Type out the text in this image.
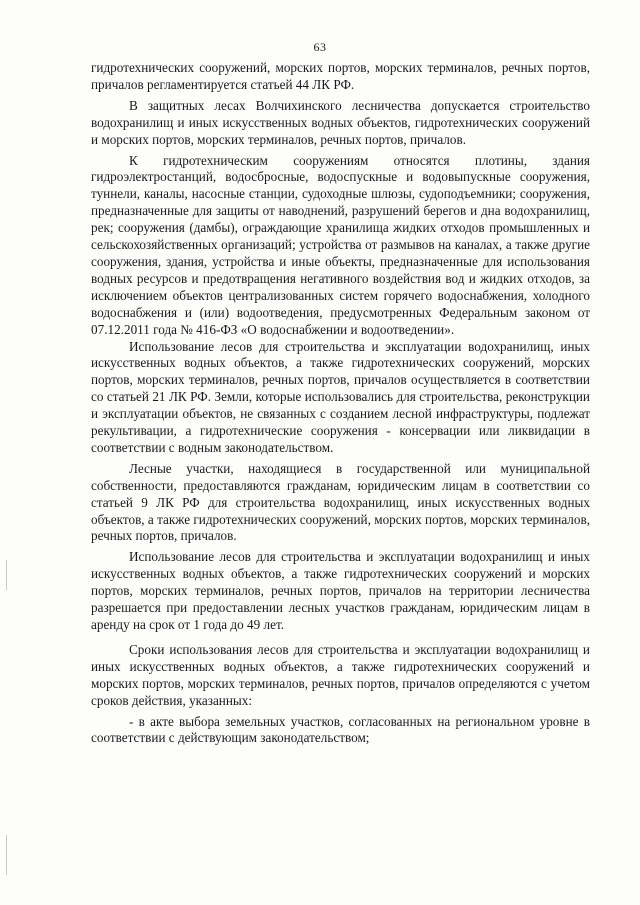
63

гидротехнических сооружений, морских портов, морских терминалов, речных портов, причалов регламентируется статьей 44 ЛК РФ.

В защитных лесах Волчихинского лесничества допускается строительство водохранилищ и иных искусственных водных объектов, гидротехнических сооружений и морских портов, морских терминалов, речных портов, причалов.

К гидротехническим сооружениям относятся плотины, здания гидроэлектростанций, водосбросные, водоспускные и водовыпускные сооружения, туннели, каналы, насосные станции, судоходные шлюзы, судоподъемники; сооружения, предназначенные для защиты от наводнений, разрушений берегов и дна водохранилищ, рек; сооружения (дамбы), ограждающие хранилища жидких отходов промышленных и сельскохозяйственных организаций; устройства от размывов на каналах, а также другие сооружения, здания, устройства и иные объекты, предназначенные для использования водных ресурсов и предотвращения негативного воздействия вод и жидких отходов, за исключением объектов централизованных систем горячего водоснабжения, холодного водоснабжения и (или) водоотведения, предусмотренных Федеральным законом от 07.12.2011 года № 416-ФЗ «О водоснабжении и водоотведении».

Использование лесов для строительства и эксплуатации водохранилищ, иных искусственных водных объектов, а также гидротехнических сооружений, морских портов, морских терминалов, речных портов, причалов осуществляется в соответствии со статьей 21 ЛК РФ. Земли, которые использовались для строительства, реконструкции и эксплуатации объектов, не связанных с созданием лесной инфраструктуры, подлежат рекультивации, а гидротехнические сооружения - консервации или ликвидации в соответствии с водным законодательством.

Лесные участки, находящиеся в государственной или муниципальной собственности, предоставляются гражданам, юридическим лицам в соответствии со статьей 9 ЛК РФ для строительства водохранилищ, иных искусственных водных объектов, а также гидротехнических сооружений, морских портов, морских терминалов, речных портов, причалов.

Использование лесов для строительства и эксплуатации водохранилищ и иных искусственных водных объектов, а также гидротехнических сооружений и морских портов, морских терминалов, речных портов, причалов на территории лесничества разрешается при предоставлении лесных участков гражданам, юридическим лицам в аренду на срок от 1 года до 49 лет.

Сроки использования лесов для строительства и эксплуатации водохранилищ и иных искусственных водных объектов, а также гидротехнических сооружений и морских портов, морских терминалов, речных портов, причалов определяются с учетом сроков действия, указанных:

- в акте выбора земельных участков, согласованных на региональном уровне в соответствии с действующим законодательством;
